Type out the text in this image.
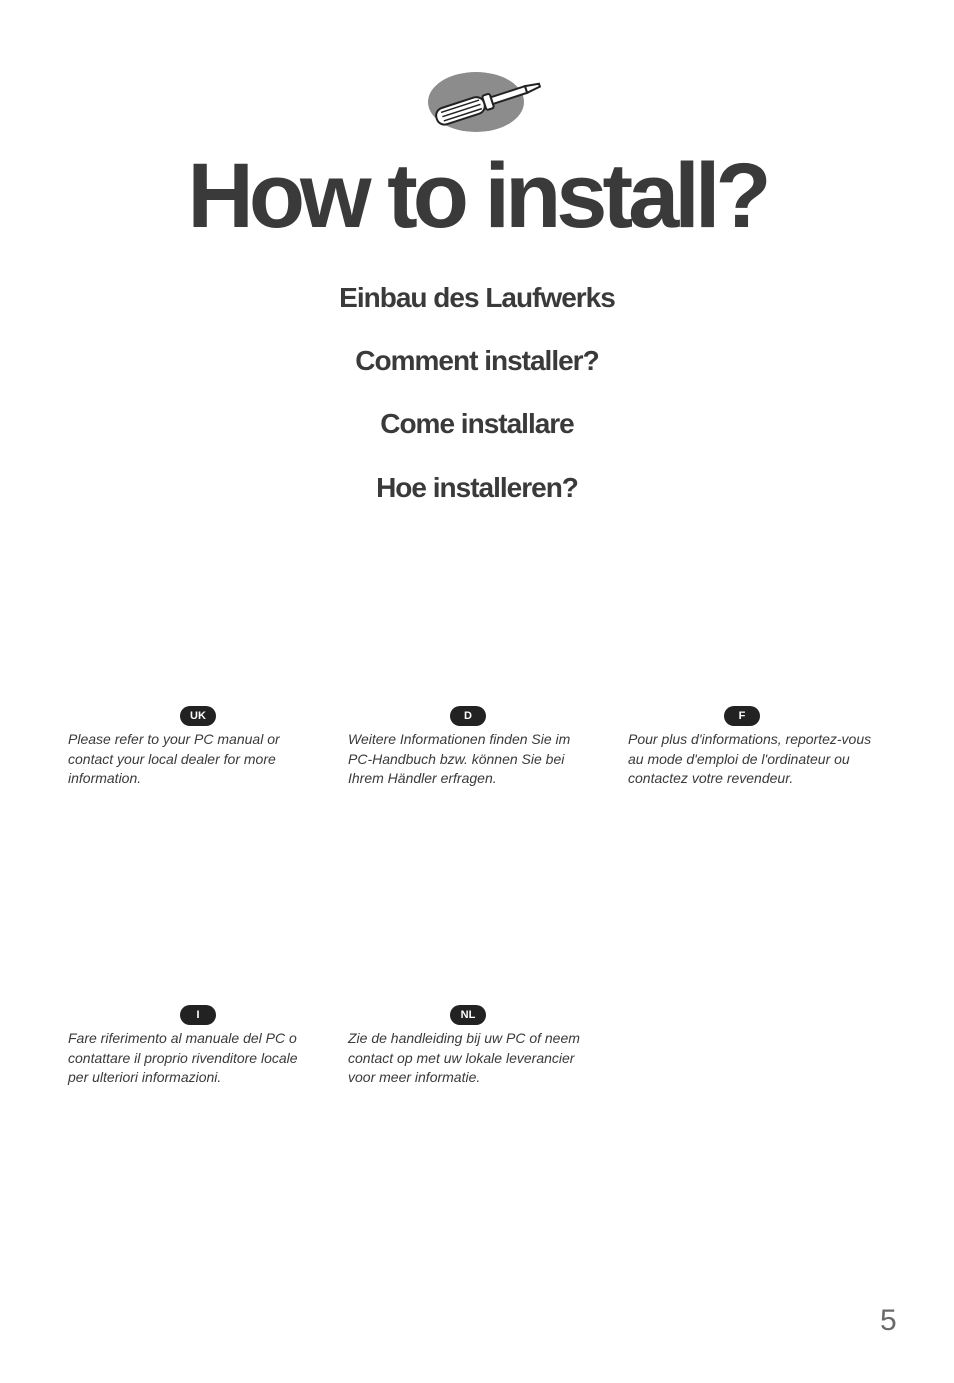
How to install?
Einbau des Laufwerks
Comment installer?
Come installare
Hoe installeren?
UK

Please refer to your PC manual or contact your local dealer for more information.

D

Weitere Informationen finden Sie im PC-Handbuch bzw. können Sie bei Ihrem Händler erfragen.

F

Pour plus d'informations, reportez-vous au mode d'emploi de l'ordinateur ou contactez votre revendeur.

I

Fare riferimento al manuale del PC o contattare il proprio rivenditore locale per ulteriori informazioni.

NL

Zie de handleiding bij uw PC of neem contact op met uw lokale leverancier voor meer informatie.

5
